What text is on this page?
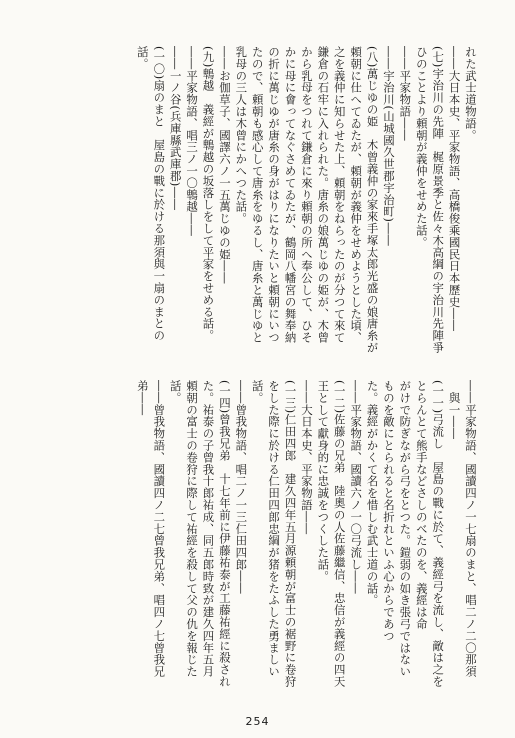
れた武士道物語。
――大日本史、平家物語、高橋俊乘國民日本歷史――
(七)宇治川の先陣　梶原景季と佐々木高綱の宇治川先陣爭
ひのことより頼朝が義仲をせめた話。
――平家物語――
――宇治川(山城國久世郡宇治町)――
(八)萬じゆの姫　木曾義仲の家來手塚太郎光盛の娘唐糸が
頼朝に仕へてゐたが、頼朝が義仲をせめようとした頃、
之を義仲に知らせた上、頼朝をねらったのが分つて來て
鎌倉の石牢に入れられた。唐糸の娘萬じゆの姫が、木曾
から乳母をつれて鎌倉に來り頼朝の所へ奉公して、ひそ
かに母に會ってなぐさめてゐたが、鶴岡八幡宮の舞奉納
の折に萬じゆが唐糸の身がはりになりたいと頼朝にいつ
たので、頼朝も感心して唐糸をゆるし、唐糸と萬じゆと
乳母の三人は木曾にかへつた話。
――お伽草子、國譯六ノ一五萬じゆの姫――
(九)鵯越　義經が鵯越の坂落しをして平家をせめる話。
――平家物語、唱三ノ一〇鵯越――
――一ノ谷(兵庫縣武庫郡)――
(一〇)扇のまと　屋島の戰に於ける那須與一扇のまとの
話。
――平家物語、國讀四ノ一七扇のまと、唱二ノ二〇那須
　與一――
(一一)弓流し　屋島の戰に於て、義經弓を流し、敵は之を
とらんとて熊手などさしのべたのを、義經は命
がけで防ぎながら弓をとつた。鎧弱の如き張弓ではない
ものを敵にとられると名折れといふ心からであつ
た。義經がかくて名を惜しむ武士道の話。
――平家物語、國讀六ノ一〇弓流し――
(一二)佐藤の兄弟　陸奧の人佐藤繼信、忠信が義經の四天
王として獻身的に忠誠をつくした話。
――大日本史、平家物語――
(一三)仁田四郎　建久四年五月源頼朝が富士の裾野に卷狩
をした際に於ける仁田四郎忠綱が猪をたふした勇ましい
話。
――曾我物語、唱二ノ一三仁田四郎――
(一四)曾我兄弟　十七年前に伊藤祐泰が工藤祐經に殺され
た。祐泰の子曾我十郎祐成、同五郎時致が建久四年五月
頼朝の富士の卷狩に際して祐經を殺して父の仇を報じた
話。
――曾我物語、國讀四ノ二七曾我兄弟、唱四ノ七曾我兄
弟――
254
